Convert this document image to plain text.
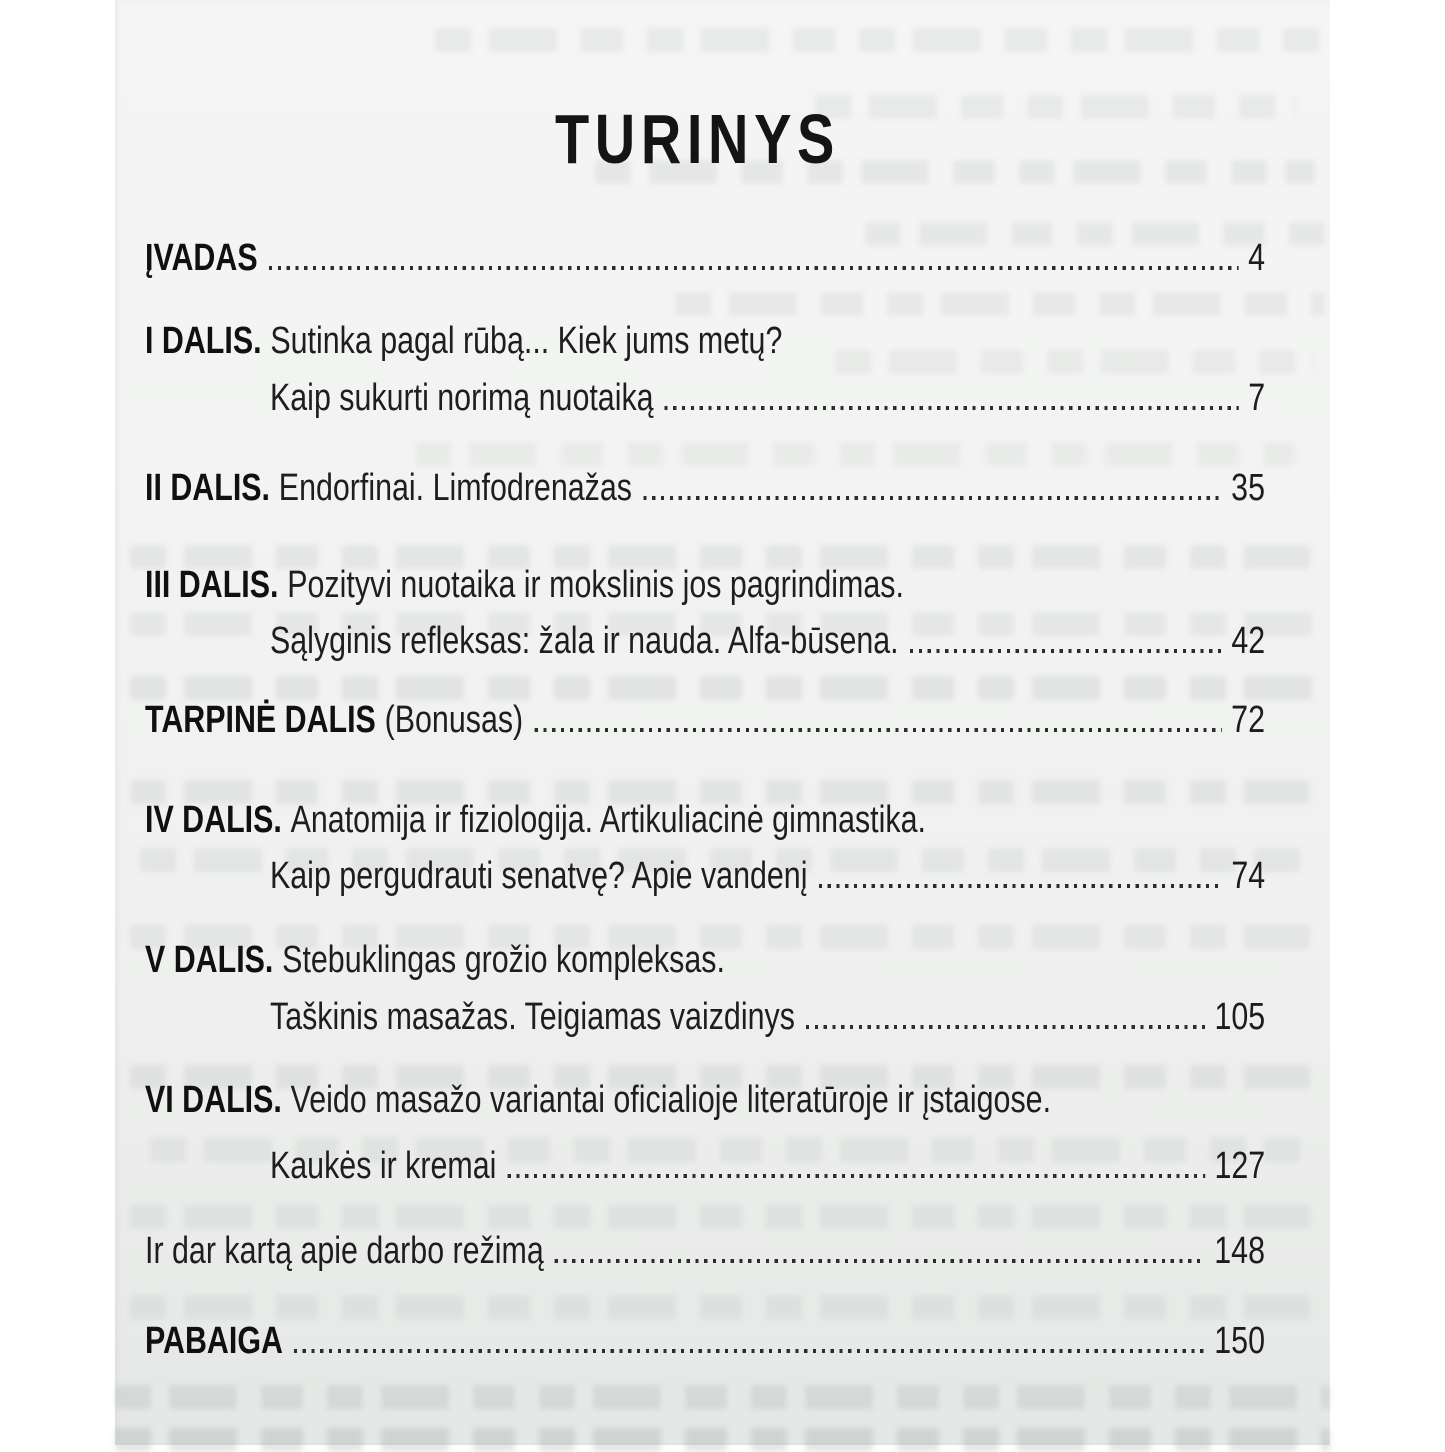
TURINYS
ĮVADAS	4
I DALIS. Sutinka pagal rūbą... Kiek jums metų?
Kaip sukurti norimą nuotaiką	7
II DALIS. Endorfinai. Limfodrenažas	35
III DALIS. Pozityvi nuotaika ir mokslinis jos pagrindimas.
Sąlyginis refleksas: žala ir nauda. Alfa-būsena.	42
TARPINĖ DALIS (Bonusas)	72
IV DALIS. Anatomija ir fiziologija. Artikuliacinė gimnastika.
Kaip pergudrauti senatvę? Apie vandenį	74
V DALIS. Stebuklingas grožio kompleksas.
Taškinis masažas. Teigiamas vaizdinys	105
VI DALIS. Veido masažo variantai oficialioje literatūroje ir įstaigose.
Kaukės ir kremai	127
Ir dar kartą apie darbo režimą	148
PABAIGA	150
